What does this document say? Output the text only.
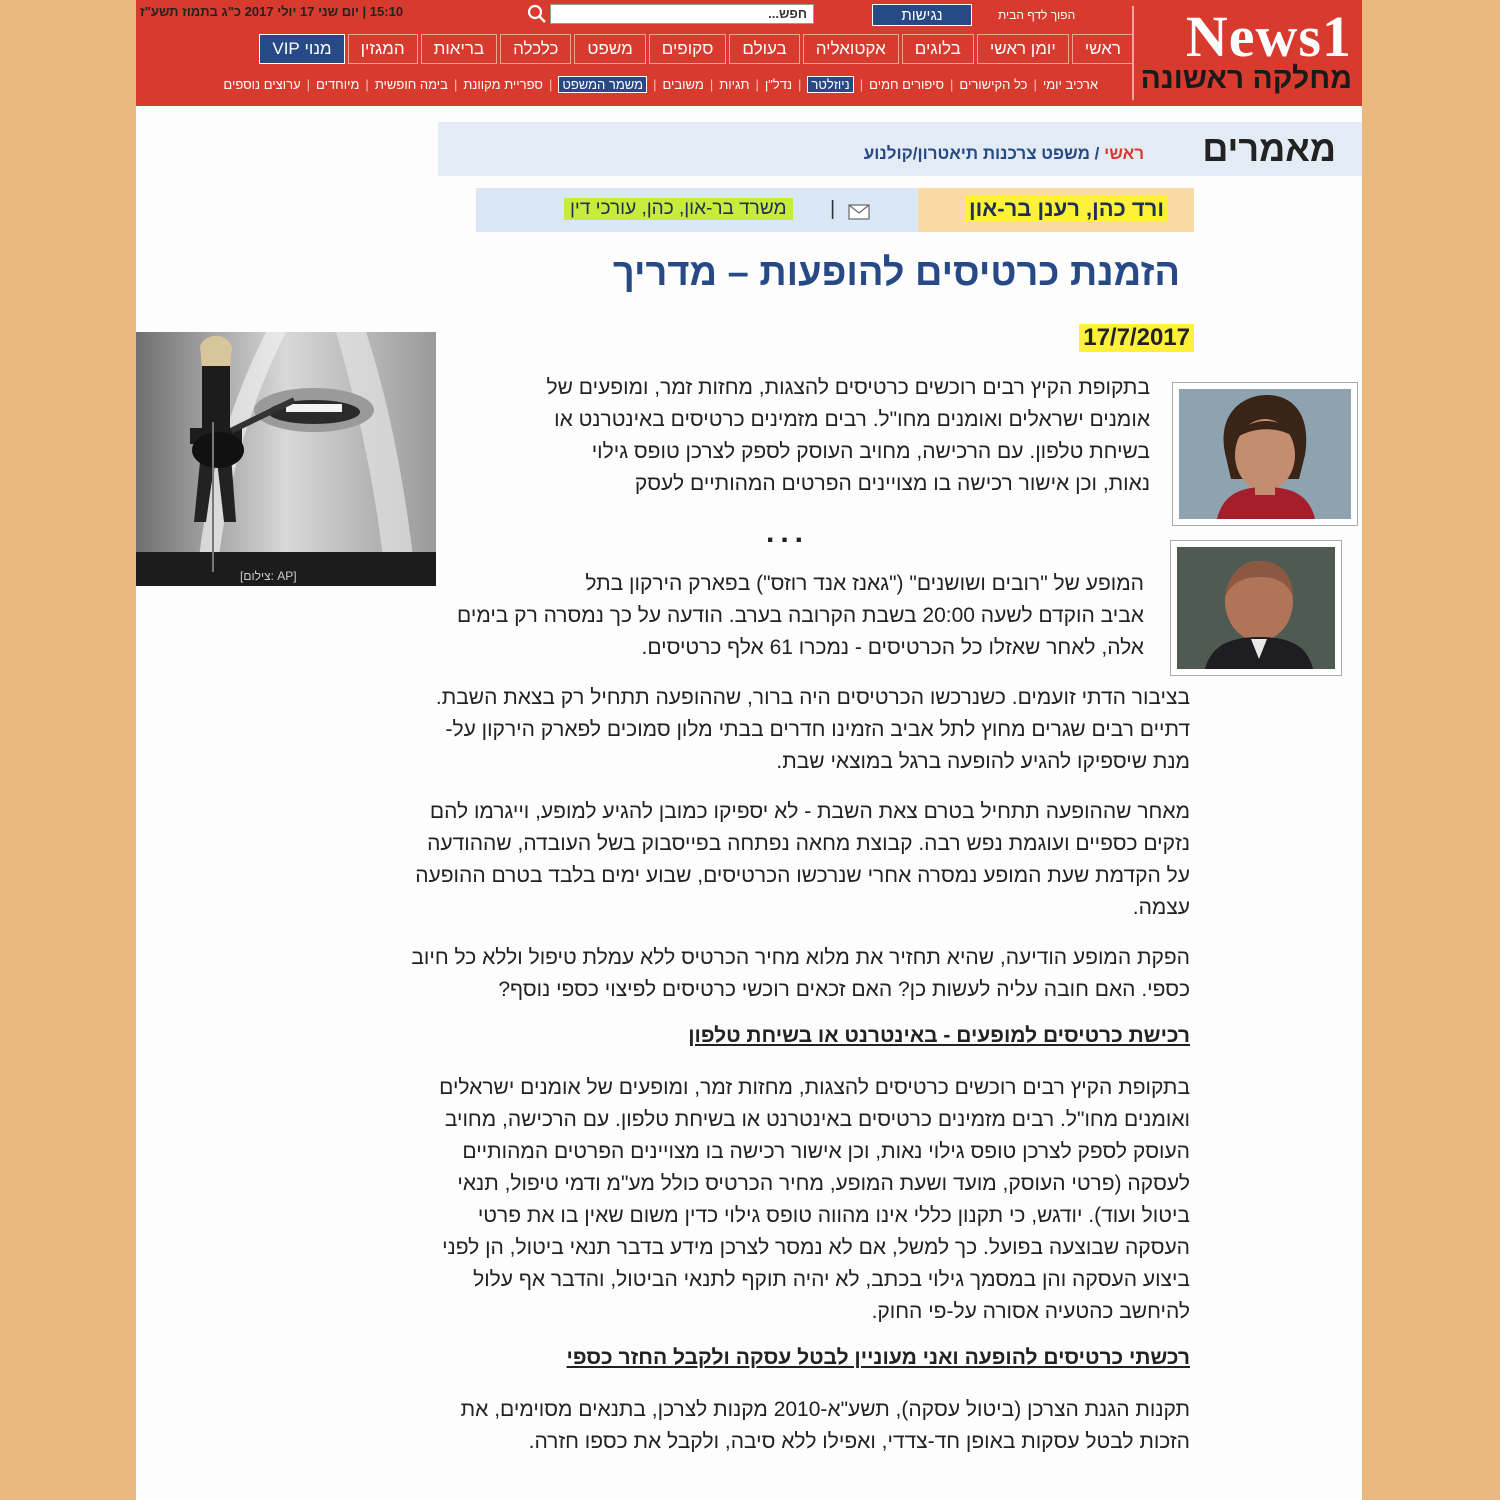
News1
מחלקה ראשונה
15:10 | יום שני 17 יולי 2017 כ"ג בתמוז תשע"ז	חפש...	נגישות	הפוך לדף הבית
ראשי
יומן ראשי
בלוגים
אקטואליה
בעולם
סקופים
משפט
כלכלה
בריאות
המגזין
מנוי VIP
ארכיב יומי
|
כל הקישורים
|
סיפורים חמים
|
ניוזלטר
|
נדל"ן
|
תגיות
|
משובים
|
משמר המשפט
|
ספריית מקוונת
|
בימה חופשית
|
מיוחדים
|
ערוצים נוספים
מאמרים
ראשי / משפט צרכנות תיאטרון/קולנוע
ורד כהן, רענן בר-און
|
משרד בר-און, כהן, עורכי דין
הזמנת כרטיסים להופעות – מדריך
17/7/2017
[צילום: AP]
בתקופת הקיץ רבים רוכשים כרטיסים להצגות, מחזות זמר, ומופעים של
אומנים ישראלים ואומנים מחו"ל. רבים מזמינים כרטיסים באינטרנט או
בשיחת טלפון. עם הרכישה, מחויב העוסק לספק לצרכן טופס גילוי
נאות, וכן אישור רכישה בו מצויינים הפרטים המהותיים לעסק
...
המופע של "רובים ושושנים" ("גאנז אנד רוזס") בפארק הירקון בתל
אביב הוקדם לשעה 20:00 בשבת הקרובה בערב. הודעה על כך נמסרה רק בימים
אלה, לאחר שאזלו כל הכרטיסים - נמכרו 61 אלף כרטיסים.
בציבור הדתי זועמים. כשנרכשו הכרטיסים היה ברור, שההופעה תתחיל רק בצאת השבת.
דתיים רבים שגרים מחוץ לתל אביב הזמינו חדרים בבתי מלון סמוכים לפארק הירקון על-
מנת שיספיקו להגיע להופעה ברגל במוצאי שבת.
מאחר שההופעה תתחיל בטרם צאת השבת - לא יספיקו כמובן להגיע למופע, וייגרמו להם
נזקים כספיים ועוגמת נפש רבה. קבוצת מחאה נפתחה בפייסבוק בשל העובדה, שההודעה
על הקדמת שעת המופע נמסרה אחרי שנרכשו הכרטיסים, שבוע ימים בלבד בטרם ההופעה
עצמה.
הפקת המופע הודיעה, שהיא תחזיר את מלוא מחיר הכרטיס ללא עמלת טיפול וללא כל חיוב
כספי. האם חובה עליה לעשות כן? האם זכאים רוכשי כרטיסים לפיצוי כספי נוסף?
רכישת כרטיסים למופעים - באינטרנט או בשיחת טלפון
בתקופת הקיץ רבים רוכשים כרטיסים להצגות, מחזות זמר, ומופעים של אומנים ישראלים
ואומנים מחו"ל. רבים מזמינים כרטיסים באינטרנט או בשיחת טלפון. עם הרכישה, מחויב
העוסק לספק לצרכן טופס גילוי נאות, וכן אישור רכישה בו מצויינים הפרטים המהותיים
לעסקה (פרטי העוסק, מועד ושעת המופע, מחיר הכרטיס כולל מע"מ ודמי טיפול, תנאי
ביטול ועוד). יודגש, כי תקנון כללי אינו מהווה טופס גילוי כדין משום שאין בו את פרטי
העסקה שבוצעה בפועל. כך למשל, אם לא נמסר לצרכן מידע בדבר תנאי ביטול, הן לפני
ביצוע העסקה והן במסמך גילוי בכתב, לא יהיה תוקף לתנאי הביטול, והדבר אף עלול
להיחשב כהטעיה אסורה על-פי החוק.
רכשתי כרטיסים להופעה ואני מעוניין לבטל עסקה ולקבל החזר כספי
תקנות הגנת הצרכן (ביטול עסקה), תשע"א-2010 מקנות לצרכן, בתנאים מסוימים, את
הזכות לבטל עסקות באופן חד-צדדי, ואפילו ללא סיבה, ולקבל את כספו חזרה.
